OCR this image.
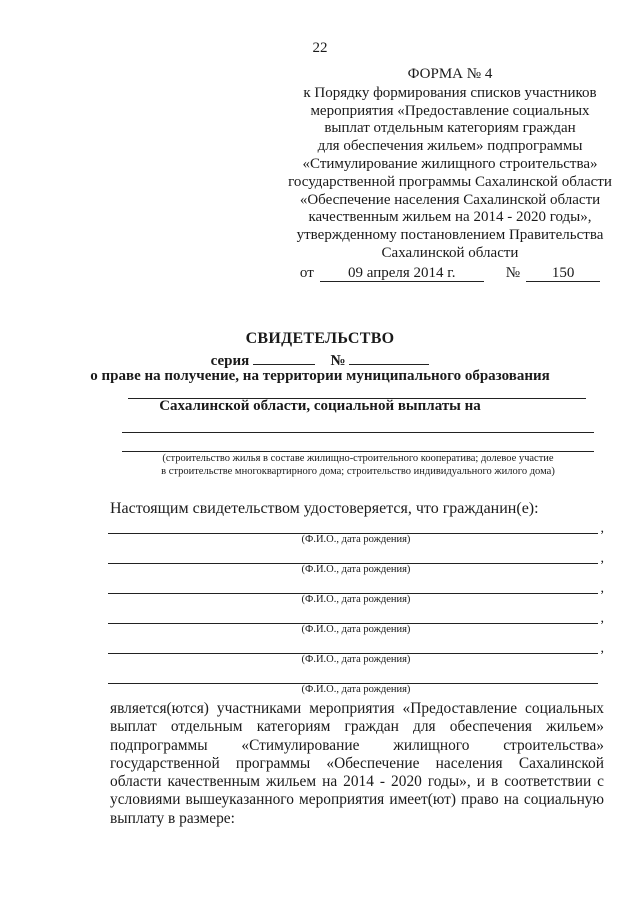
22
ФОРМА № 4
к Порядку формирования списков участников
мероприятия «Предоставление социальных
выплат отдельным категориям граждан
для обеспечения жильем» подпрограммы
«Стимулирование жилищного строительства»
государственной программы Сахалинской области
«Обеспечение населения Сахалинской области
качественным жильем на 2014 - 2020 годы»,
утвержденному постановлением Правительства
Сахалинской области
от	09 апреля 2014 г.	№	150
СВИДЕТЕЛЬСТВО
серия	№
о праве на получение, на территории муниципального образования
Сахалинской области, социальной выплаты на
(строительство жилья в составе жилищно-строительного кооператива; долевое участие
в строительстве многоквартирного дома; строительство индивидуального жилого дома)
Настоящим свидетельством удостоверяется, что гражданин(е):
,
(Ф.И.О., дата рождения)
,
(Ф.И.О., дата рождения)
,
(Ф.И.О., дата рождения)
,
(Ф.И.О., дата рождения)
,
(Ф.И.О., дата рождения)
(Ф.И.О., дата рождения)
является(ются) участниками мероприятия «Предоставление социальных выплат отдельным категориям граждан для обеспечения жильем» подпрограммы «Стимулирование жилищного строительства» государственной программы «Обеспечение населения Сахалинской области качественным жильем на 2014 - 2020 годы», и в соответствии с условиями вышеуказанного мероприятия имеет(ют) право на социальную выплату в размере:
